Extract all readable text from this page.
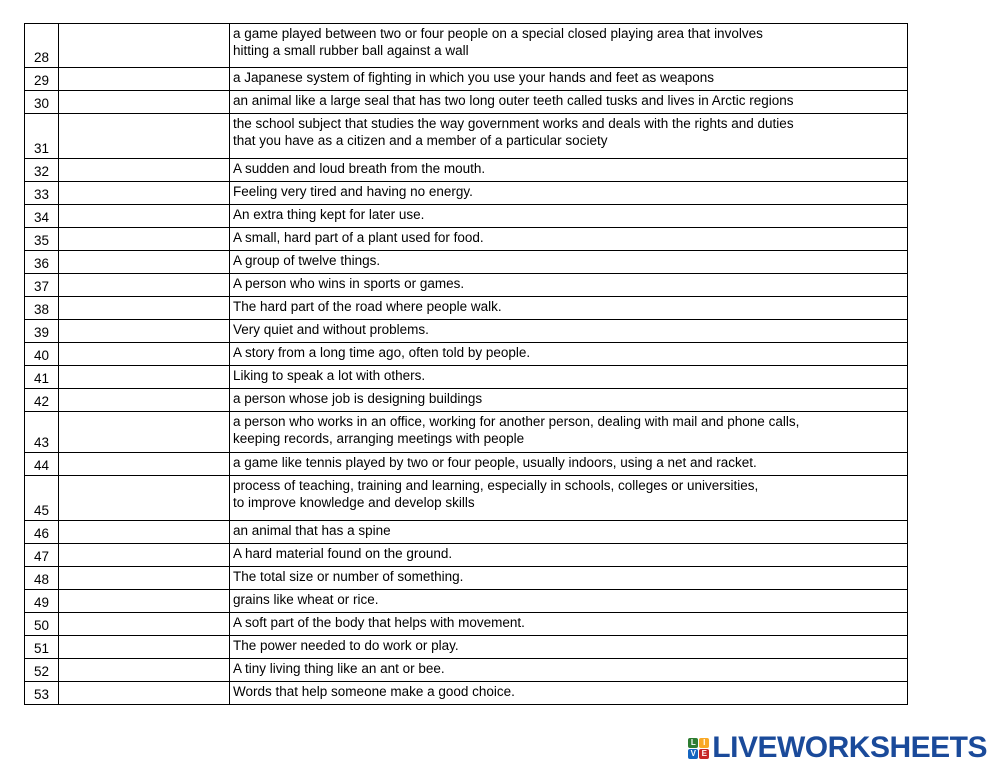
28		a game played between two or four people on a special closed playing area that involves
hitting a small rubber ball against a wall
29		a Japanese system of fighting in which you use your hands and feet as weapons
30		an animal like a large seal that has two long outer teeth called tusks and lives in Arctic regions
31		the school subject that studies the way government works and deals with the rights and duties
that you have as a citizen and a member of a particular society
32		A sudden and loud breath from the mouth.
33		Feeling very tired and having no energy.
34		An extra thing kept for later use.
35		A small, hard part of a plant used for food.
36		A group of twelve things.
37		A person who wins in sports or games.
38		The hard part of the road where people walk.
39		Very quiet and without problems.
40		A story from a long time ago, often told by people.
41		Liking to speak a lot with others.
42		a person whose job is designing buildings
43		a person who works in an office, working for another person, dealing with mail and phone calls,
keeping records, arranging meetings with people
44		a game like tennis played by two or four people, usually indoors, using a net and racket.
45		process of teaching, training and learning, especially in schools, colleges or universities,
to improve knowledge and develop skills
46		an animal that has a spine
47		A hard material found on the ground.
48		The total size or number of something.
49		grains like wheat or rice.
50		A soft part of the body that helps with movement.
51		The power needed to do work or play.
52		A tiny living thing like an ant or bee.
53		Words that help someone make a good choice.
L I
V E LIVEWORKSHEETS
